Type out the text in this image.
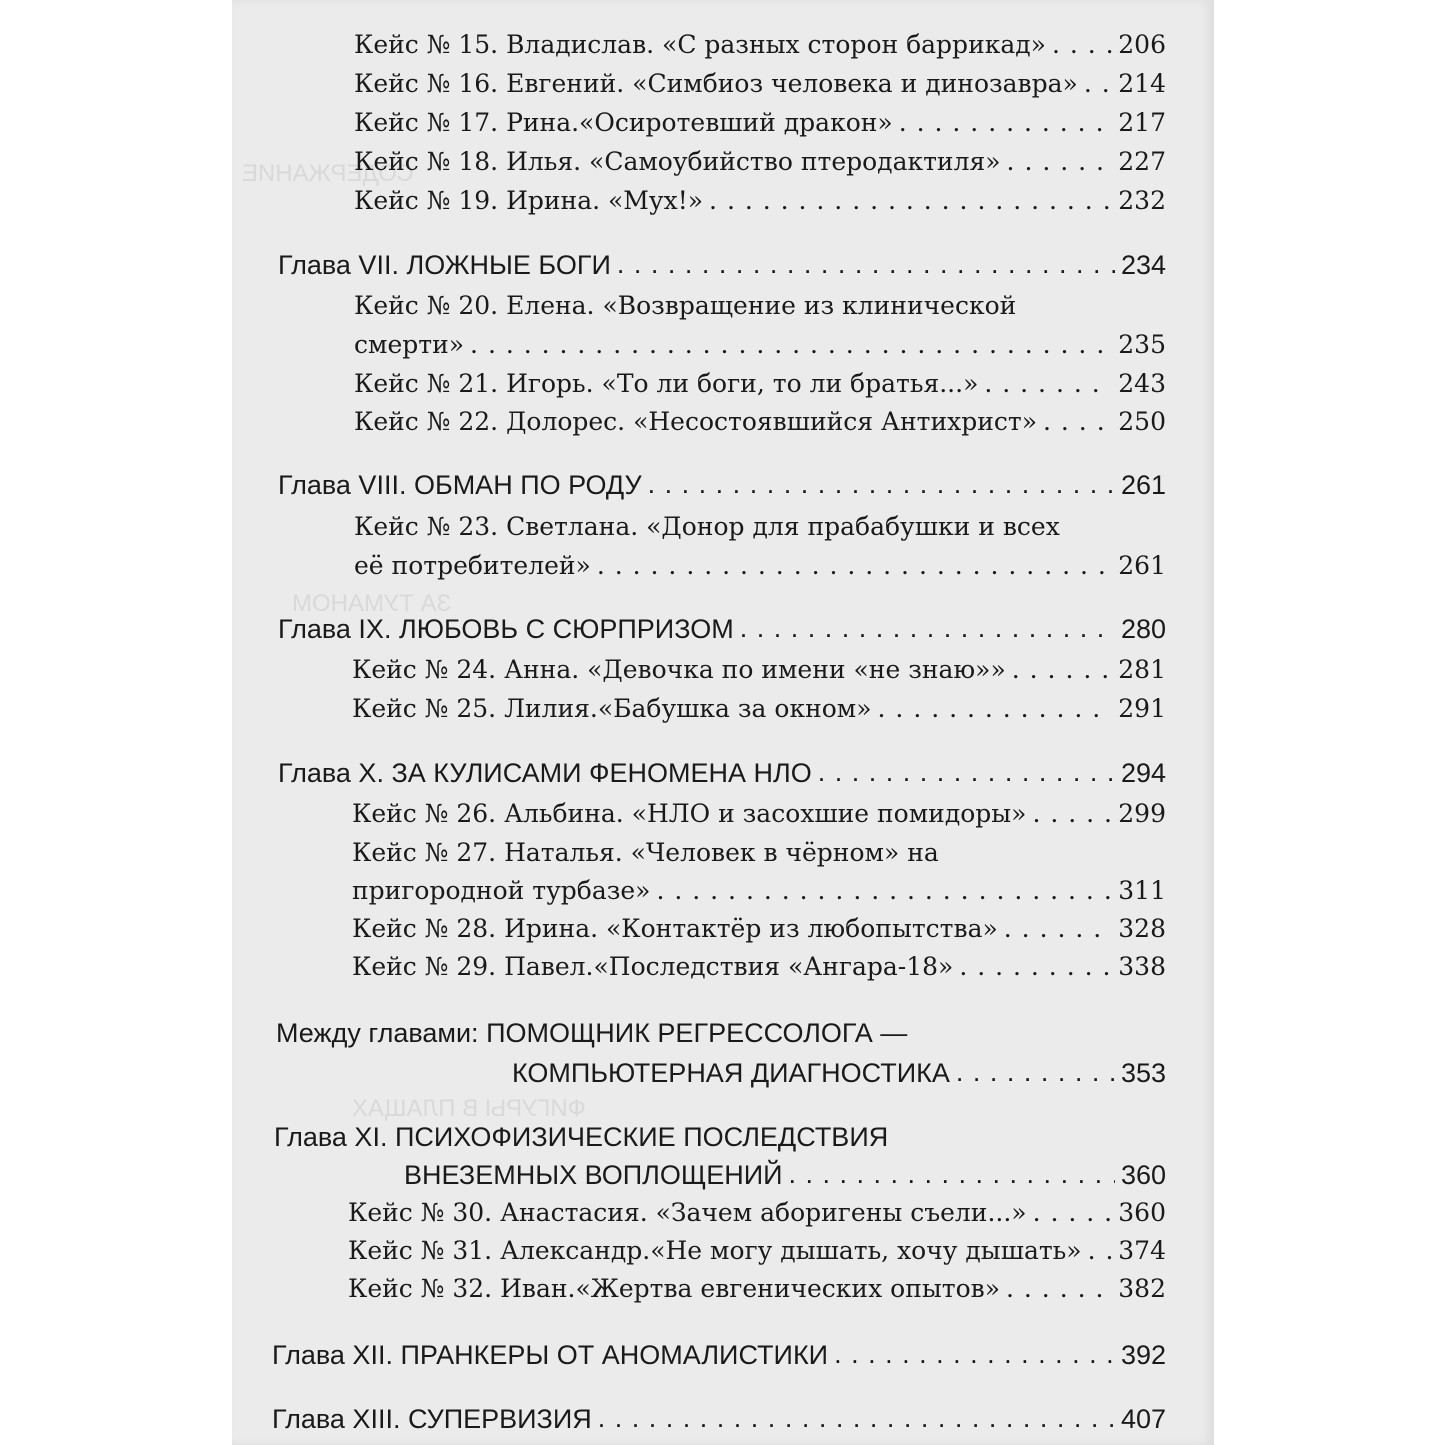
СОДЕРЖАНИЕ
ЗА ТУМАНОМ
ФИГУРЫ В ПЛАЩАХ
Кейс № 15. Владислав. «С разных сторон баррикад» . . .	206
Кейс № 16. Евгений. «Симбиоз человека и динозавра» . . . 214
Кейс № 17. Рина.«Осиротевший дракон» . . .	217
Кейс № 18. Илья. «Самоубийство птеродактиля» . . .	227
Кейс № 19. Ирина. «Мух!» . . .	232
Глава VII.
ЛОЖНЫЕ БОГИ . . .	234
Кейс № 20. Елена. «Возвращение из клинической
смерти» . . .	235
Кейс № 21. Игорь. «То ли боги, то ли братья...» . . .	243
Кейс № 22. Долорес. «Несостоявшийся Антихрист» . . .	250
Глава VIII.
ОБМАН ПО РОДУ . . .	261
Кейс № 23. Светлана. «Донор для прабабушки и всех
её потребителей» . . .	261
Глава IX.
ЛЮБОВЬ С СЮРПРИЗОМ . . .	280
Кейс № 24. Анна. «Девочка по имени «не знаю»» . . .	281
Кейс № 25. Лилия.«Бабушка за окном» . . .	291
Глава X.
ЗА КУЛИСАМИ ФЕНОМЕНА НЛО . . .	294
Кейс № 26. Альбина. «НЛО и засохшие помидоры» . . .	299
Кейс № 27. Наталья. «Человек в чёрном» на
пригородной турбазе» . . .	311
Кейс № 28. Ирина. «Контактёр из любопытства» . . .	328
Кейс № 29. Павел.«Последствия «Ангара-18» . . .	338
Между главами:
ПОМОЩНИК РЕГРЕССОЛОГА —
КОМПЬЮТЕРНАЯ ДИАГНОСТИКА . . .	353
Глава XI.
ПСИХОФИЗИЧЕСКИЕ ПОСЛЕДСТВИЯ
ВНЕЗЕМНЫХ ВОПЛОЩЕНИЙ . . .	360
Кейс № 30. Анастасия. «Зачем аборигены съели...» . . .	360
Кейс № 31. Александр.«Не могу дышать, хочу дышать» . . . 374
Кейс № 32. Иван.«Жертва евгенических опытов» . . .	382
Глава XII.
ПРАНКЕРЫ ОТ АНОМАЛИСТИКИ . . .	392
Глава XIII.
СУПЕРВИЗИЯ . . .	407
